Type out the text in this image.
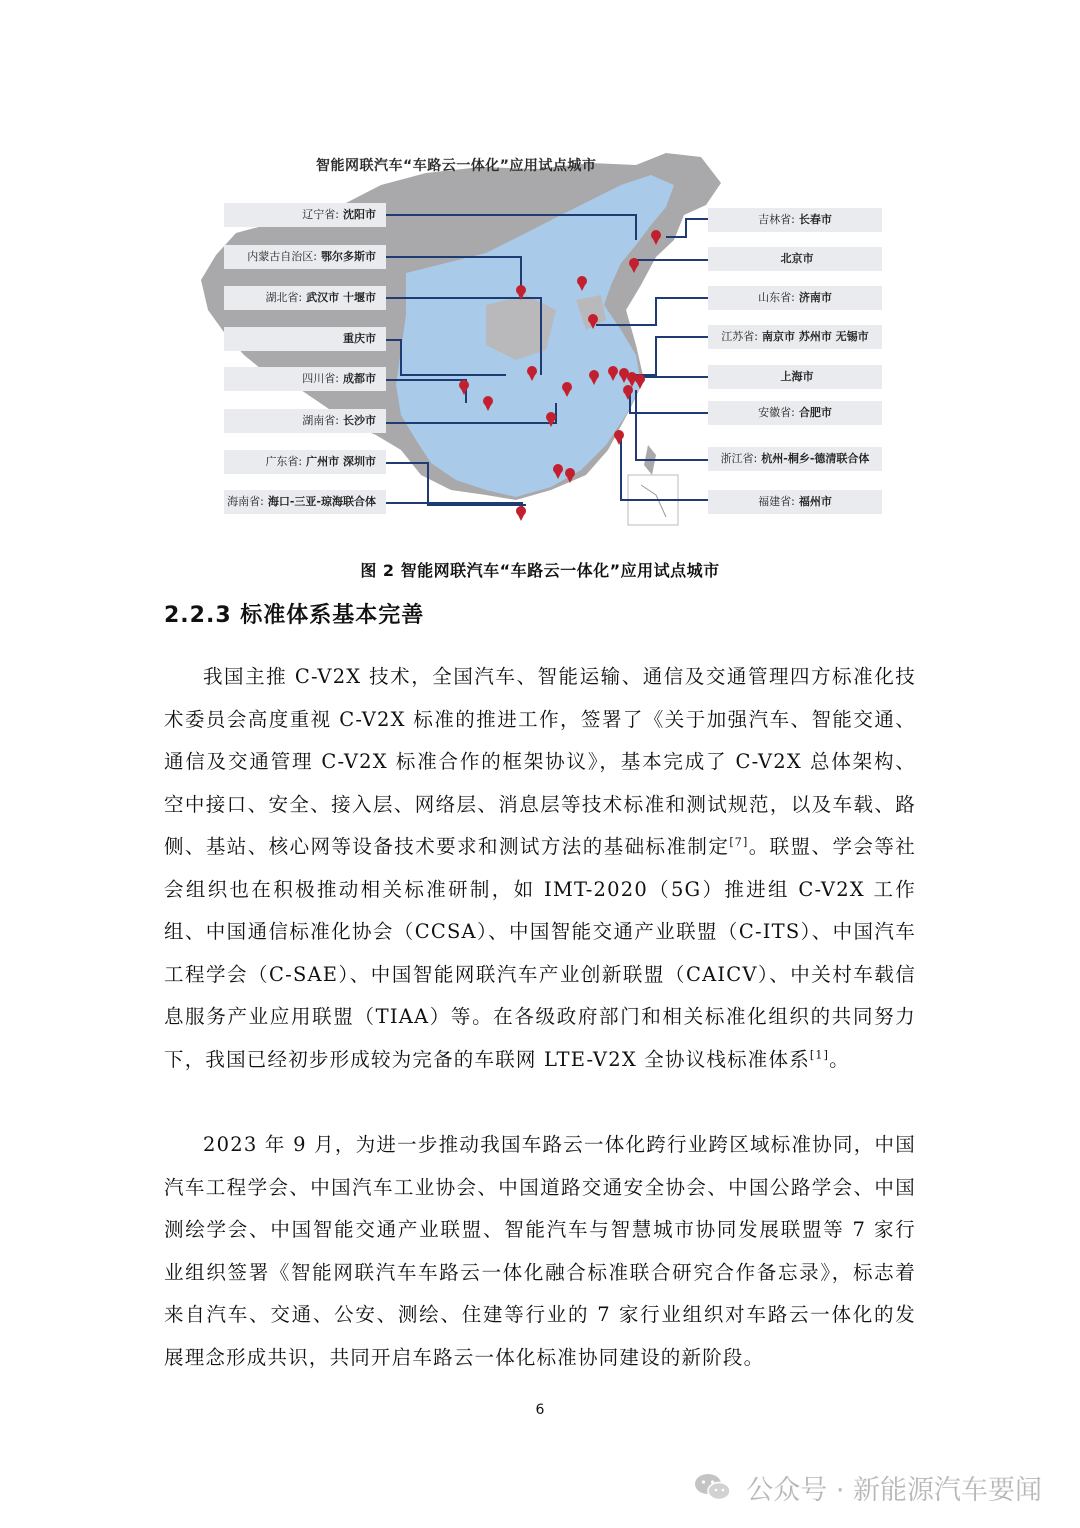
智能网联汽车“车路云一体化”应用试点城市
辽宁省: 沈阳市
内蒙古自治区: 鄂尔多斯市
湖北省: 武汉市 十堰市
重庆市
四川省: 成都市
湖南省: 长沙市
广东省: 广州市 深圳市
海南省: 海口-三亚-琼海联合体
吉林省: 长春市
北京市
山东省: 济南市
江苏省: 南京市 苏州市 无锡市
上海市
安徽省: 合肥市
浙江省: 杭州-桐乡-德清联合体
福建省: 福州市
图 2 智能网联汽车“车路云一体化”应用试点城市
2.2.3 标准体系基本完善

我国主推 C-V2X 技术，全国汽车、智能运输、通信及交通管理四方标准化技术委员会高度重视 C-V2X 标准的推进工作，签署了《关于加强汽车、智能交通、通信及交通管理 C-V2X 标准合作的框架协议》，基本完成了 C-V2X 总体架构、空中接口、安全、接入层、网络层、消息层等技术标准和测试规范，以及车载、路侧、基站、核心网等设备技术要求和测试方法的基础标准制定[7]。联盟、学会等社会组织也在积极推动相关标准研制，如 IMT-2020（5G）推进组 C-V2X 工作组、中国通信标准化协会（CCSA）、中国智能交通产业联盟（C-ITS）、中国汽车工程学会（C-SAE）、中国智能网联汽车产业创新联盟（CAICV）、中关村车载信息服务产业应用联盟（TIAA）等。在各级政府部门和相关标准化组织的共同努力下，我国已经初步形成较为完备的车联网 LTE-V2X 全协议栈标准体系[1]。

2023 年 9 月，为进一步推动我国车路云一体化跨行业跨区域标准协同，中国汽车工程学会、中国汽车工业协会、中国道路交通安全协会、中国公路学会、中国测绘学会、中国智能交通产业联盟、智能汽车与智慧城市协同发展联盟等 7 家行业组织签署《智能网联汽车车路云一体化融合标准联合研究合作备忘录》，标志着来自汽车、交通、公安、测绘、住建等行业的 7 家行业组织对车路云一体化的发展理念形成共识，共同开启车路云一体化标准协同建设的新阶段。

6
公众号 · 新能源汽车要闻
